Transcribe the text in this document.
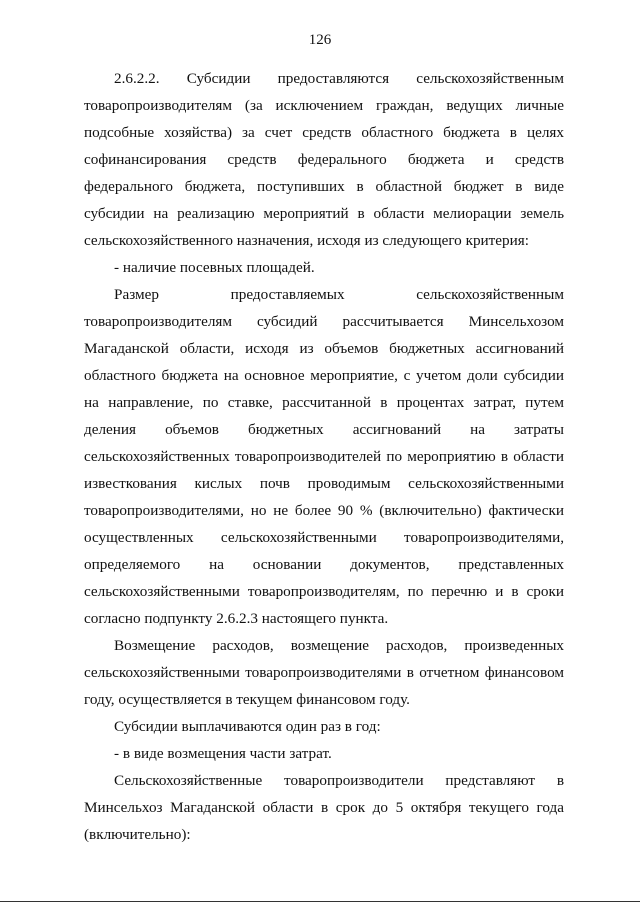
126

2.6.2.2. Субсидии предоставляются сельскохозяйственным товаропроизводителям (за исключением граждан, ведущих личные подсобные хозяйства) за счет средств областного бюджета в целях софинансирования средств федерального бюджета и средств федерального бюджета, поступивших в областной бюджет в виде субсидии на реализацию мероприятий в области мелиорации земель сельскохозяйственного назначения, исходя из следующего критерия:

- наличие посевных площадей.

Размер предоставляемых сельскохозяйственным товаропроизводителям субсидий рассчитывается Минсельхозом Магаданской области, исходя из объемов бюджетных ассигнований областного бюджета на основное мероприятие, с учетом доли субсидии на направление, по ставке, рассчитанной в процентах затрат, путем деления объемов бюджетных ассигнований на затраты сельскохозяйственных товаропроизводителей по мероприятию в области известкования кислых почв проводимым сельскохозяйственными товаропроизводителями, но не более 90 % (включительно) фактически осуществленных сельскохозяйственными товаропроизводителями, определяемого на основании документов, представленных сельскохозяйственными товаропроизводителям, по перечню и в сроки согласно подпункту 2.6.2.3 настоящего пункта.

Возмещение расходов, возмещение расходов, произведенных сельскохозяйственными товаропроизводителями в отчетном финансовом году, осуществляется в текущем финансовом году.

Субсидии выплачиваются один раз в год:

- в виде возмещения части затрат.

Сельскохозяйственные товаропроизводители представляют в Минсельхоз Магаданской области в срок до 5 октября текущего года (включительно):
